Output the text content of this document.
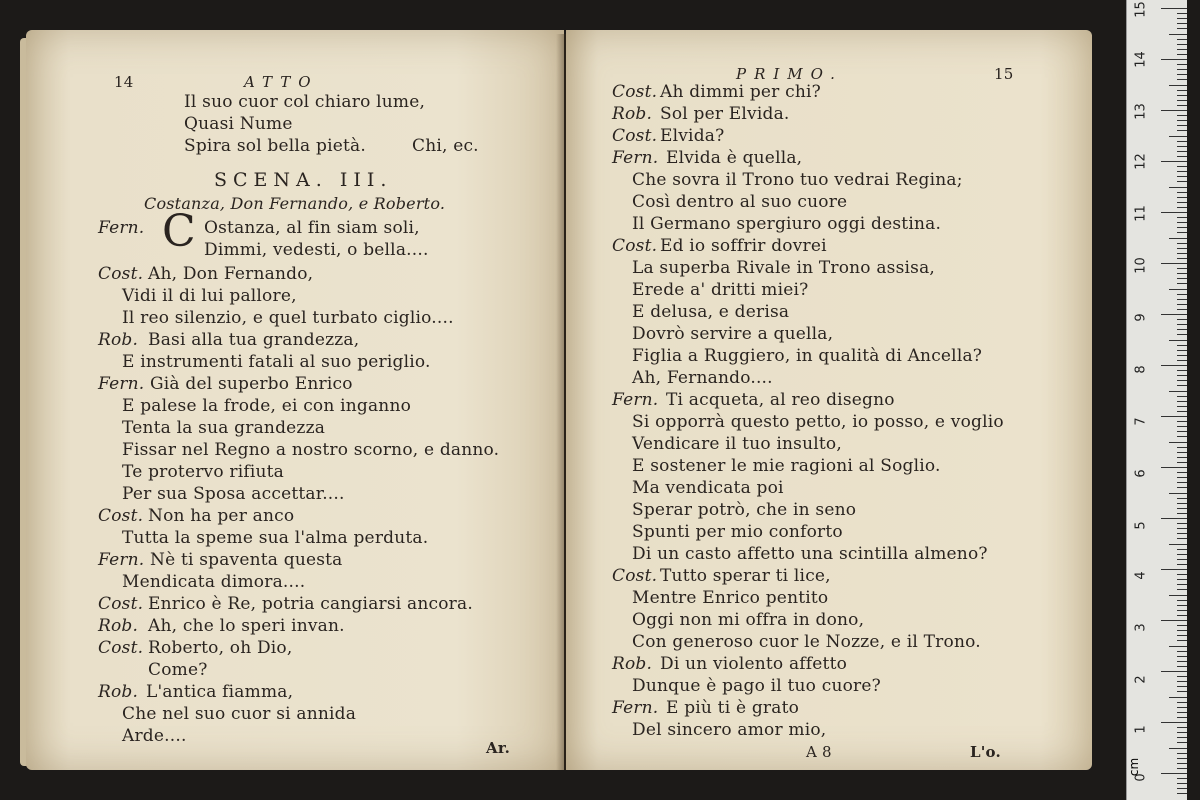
14	ATTO
Il suo cuor col chiaro lume,
Quasi Nume
Spira sol bella pietà.	Chi, ec.
SCENA. III.
Costanza, Don Fernando, e Roberto.
Fern. C Ostanza, al fin siam soli,
Dimmi, vedesti, o bella....
Cost. Ah, Don Fernando,
Vidi il di lui pallore,
Il reo silenzio, e quel turbato ciglio....
Rob. Basi alla tua grandezza,
E instrumenti fatali al suo periglio.
Fern. Già del superbo Enrico
E palese la frode, ei con inganno
Tenta la sua grandezza
Fissar nel Regno a nostro scorno, e danno.
Te protervo rifiuta
Per sua Sposa accettar....
Cost. Non ha per anco
Tutta la speme sua l'alma perduta.
Fern. Nè ti spaventa questa
Mendicata dimora....
Cost. Enrico è Re, potria cangiarsi ancora.
Rob. Ah, che lo speri invan.
Cost. Roberto, oh Dio,
Come?
Rob. L'antica fiamma,
Che nel suo cuor si annida
Arde....
Ar.
PRIMO.	15
Cost. Ah dimmi per chi?
Rob. Sol per Elvida.
Cost. Elvida?
Fern. Elvida è quella,
Che sovra il Trono tuo vedrai Regina;
Così dentro al suo cuore
Il Germano spergiuro oggi destina.
Cost. Ed io soffrir dovrei
La superba Rivale in Trono assisa,
Erede a' dritti miei?
E delusa, e derisa
Dovrò servire a quella,
Figlia a Ruggiero, in qualità di Ancella?
Ah, Fernando....
Fern. Ti acqueta, al reo disegno
Si opporrà questo petto, io posso, e voglio
Vendicare il tuo insulto,
E sostener le mie ragioni al Soglio.
Ma vendicata poi
Sperar potrò, che in seno
Spunti per mio conforto
Di un casto affetto una scintilla almeno?
Cost. Tutto sperar ti lice,
Mentre Enrico pentito
Oggi non mi offra in dono,
Con generoso cuor le Nozze, e il Trono.
Rob. Di un violento affetto
Dunque è pago il tuo cuore?
Fern. E più ti è grato
Del sincero amor mio,
A 8	L'o.
15
14
13
12
11
10
9
8
7
6
5
4
3
2
1
0
cm
